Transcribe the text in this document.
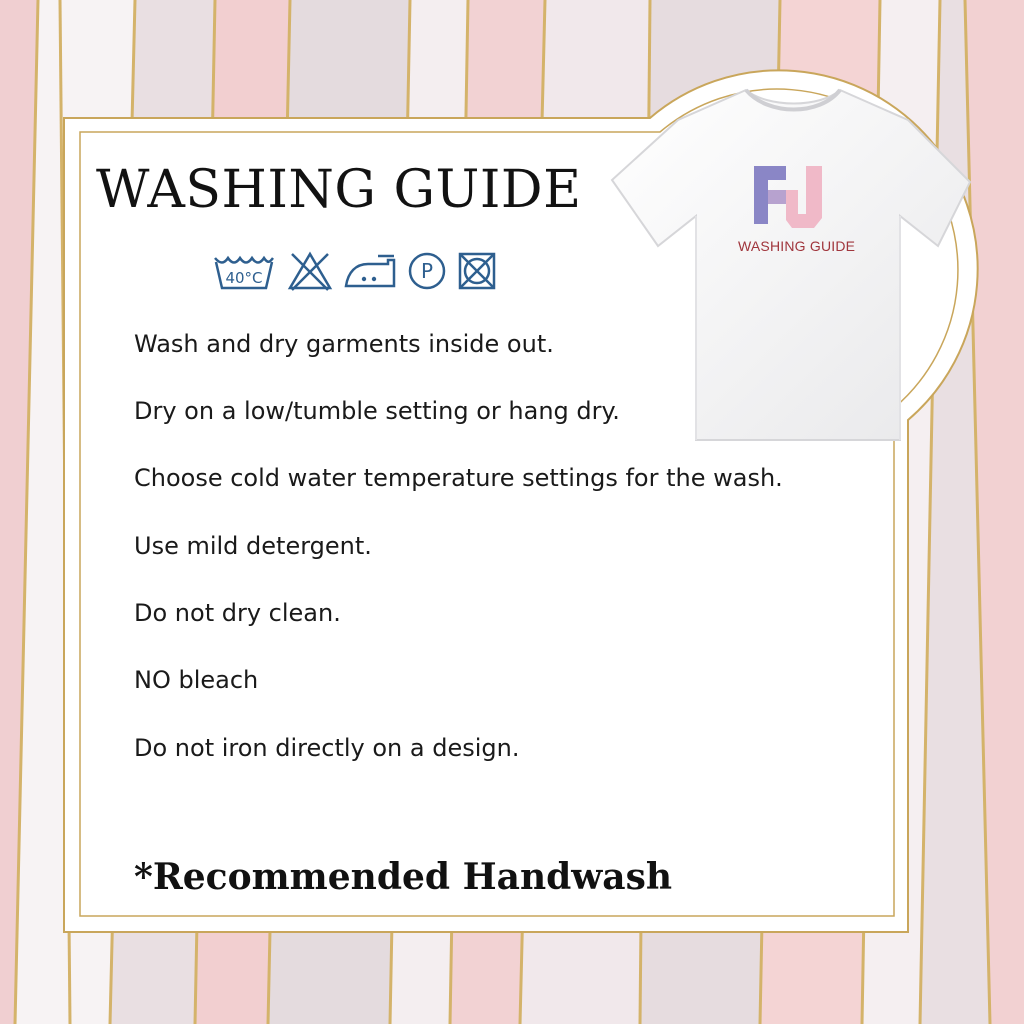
WASHING GUIDE
WASHING GUIDE
40°C	P
Wash and dry garments inside out.
Dry on a low/tumble setting or hang dry.
Choose cold water temperature settings for the wash.
Use mild detergent.
Do not dry clean.
NO bleach
Do not iron directly on a design.
*Recommended Handwash
